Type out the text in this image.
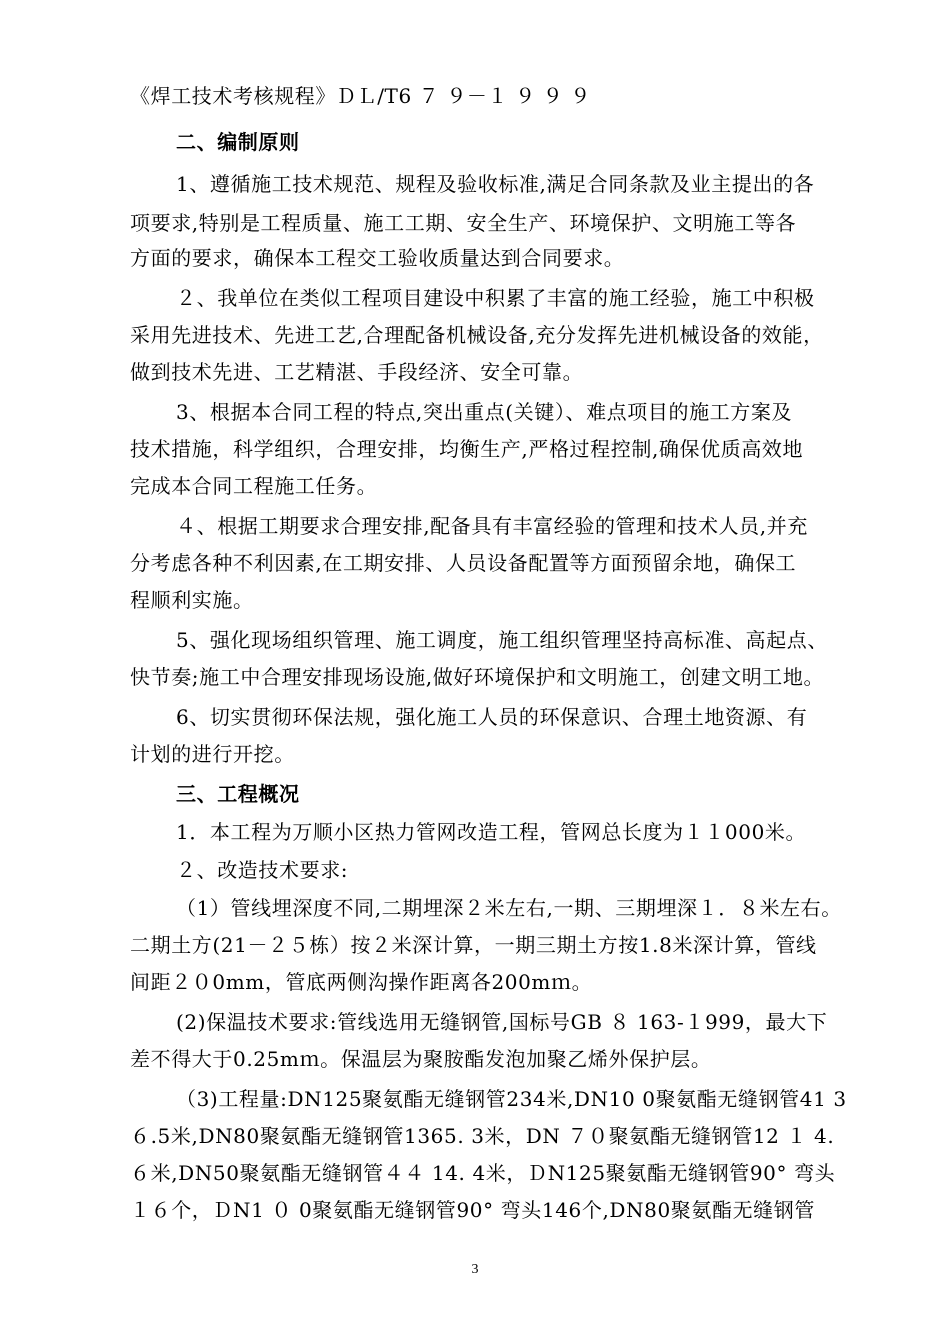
《焊工技术考核规程》ＤＬ/T6 ７ ９－１ ９ ９ ９
二、编制原则
1、遵循施工技术规范、规程及验收标准,满足合同条款及业主提出的各
项要求,特别是工程质量、施工工期、安全生产、环境保护、文明施工等各
方面的要求，确保本工程交工验收质量达到合同要求。
２、我单位在类似工程项目建设中积累了丰富的施工经验，施工中积极
采用先进技术、先进工艺,合理配备机械设备,充分发挥先进机械设备的效能，
做到技术先进、工艺精湛、手段经济、安全可靠。
3、根据本合同工程的特点,突出重点(关键）、难点项目的施工方案及
技术措施，科学组织，合理安排，均衡生产,严格过程控制,确保优质高效地
完成本合同工程施工任务。
４、根据工期要求合理安排,配备具有丰富经验的管理和技术人员,并充
分考虑各种不利因素,在工期安排、人员设备配置等方面预留余地，确保工
程顺利实施。
5、强化现场组织管理、施工调度，施工组织管理坚持高标准、高起点、
快节奏;施工中合理安排现场设施,做好环境保护和文明施工，创建文明工地。
6、切实贯彻环保法规，强化施工人员的环保意识、合理土地资源、有
计划的进行开挖。
三、工程概况
1．本工程为万顺小区热力管网改造工程，管网总长度为１１000米。
２、改造技术要求:
（1）管线埋深度不同,二期埋深２米左右,一期、三期埋深１．８米左右。
二期土方(21－２５栋）按２米深计算，一期三期土方按1.8米深计算，管线
间距２０0mm，管底两侧沟操作距离各200mｍ。
(2)保温技术要求:管线选用无缝钢管,国标号GB ８ 163-１999，最大下
差不得大于0.25mｍ。保温层为聚胺酯发泡加聚乙烯外保护层。
（3)工程量:DN125聚氨酯无缝钢管234米,DN10 0聚氨酯无缝钢管41 3
６.5米,DN80聚氨酯无缝钢管1365. 3米，DN ７０聚氨酯无缝钢管12 １ 4.
６米,DN50聚氨酯无缝钢管４４ 14. 4米，ＤN125聚氨酯无缝钢管90° 弯头
１６个，ＤN1 ０ 0聚氨酯无缝钢管90° 弯头146个,DN80聚氨酯无缝钢管
3
